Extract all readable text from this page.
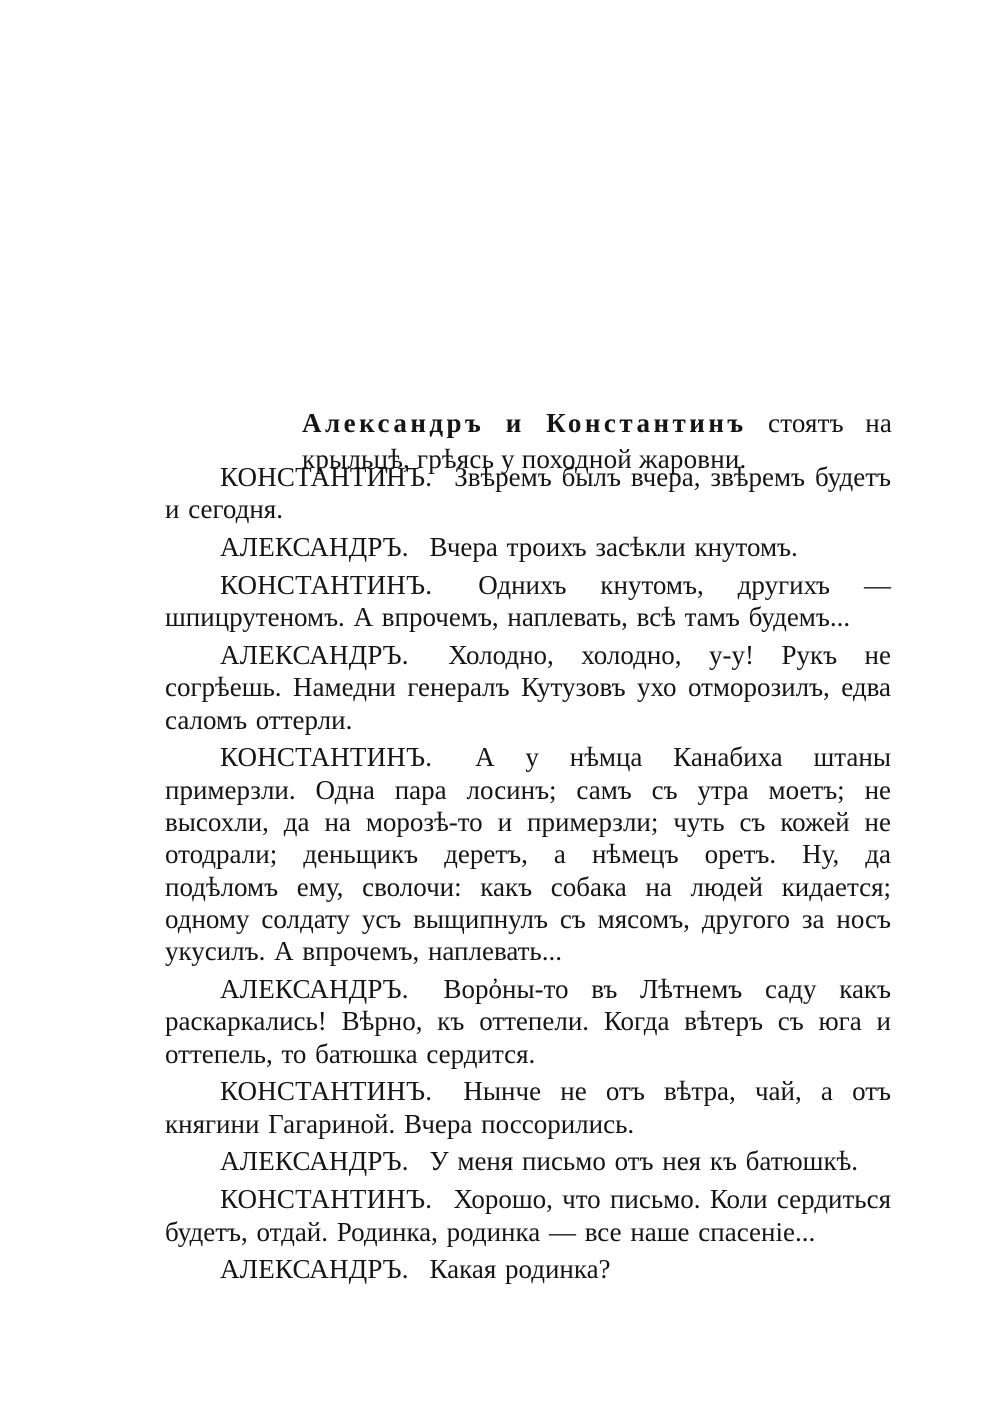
Александръ и Константинъ стоятъ на крыльцѣ, грѣясь у походной жаровни.

КОНСТАНТИНЪ. Звѣремъ былъ вчера, звѣремъ будетъ и сегодня.

АЛЕКСАНДРЪ. Вчера троихъ засѣкли кнутомъ.

КОНСТАНТИНЪ. Однихъ кнутомъ, другихъ — шпицрутеномъ. А впрочемъ, наплевать, всѣ тамъ будемъ...

АЛЕКСАНДРЪ. Холодно, холодно, у-у! Рукъ не согрѣешь. Намедни генералъ Кутузовъ ухо отморозилъ, едва саломъ оттерли.

КОНСТАНТИНЪ. А у нѣмца Канабиха штаны примерзли. Одна пара лосинъ; самъ съ утра моетъ; не высохли, да на морозѣ-то и примерзли; чуть съ кожей не отодрали; деньщикъ деретъ, а нѣмецъ оретъ. Ну, да подѣломъ ему, сволочи: какъ собака на людей кидается; одному солдату усъ выщипнулъ съ мясомъ, другого за носъ укусилъ. А впрочемъ, наплевать...

АЛЕКСАНДРЪ. Ворὀны-то въ Лѣтнемъ саду какъ раскаркались! Вѣрно, къ оттепели. Когда вѣтеръ съ юга и оттепель, то батюшка сердится.

КОНСТАНТИНЪ. Нынче не отъ вѣтра, чай, а отъ княгини Гагариной. Вчера поссорились.

АЛЕКСАНДРЪ. У меня письмо отъ нея къ батюшкѣ.

КОНСТАНТИНЪ. Хорошо, что письмо. Коли сердиться будетъ, отдай. Родинка, родинка — все наше спасеніе...

АЛЕКСАНДРЪ. Какая родинка?
